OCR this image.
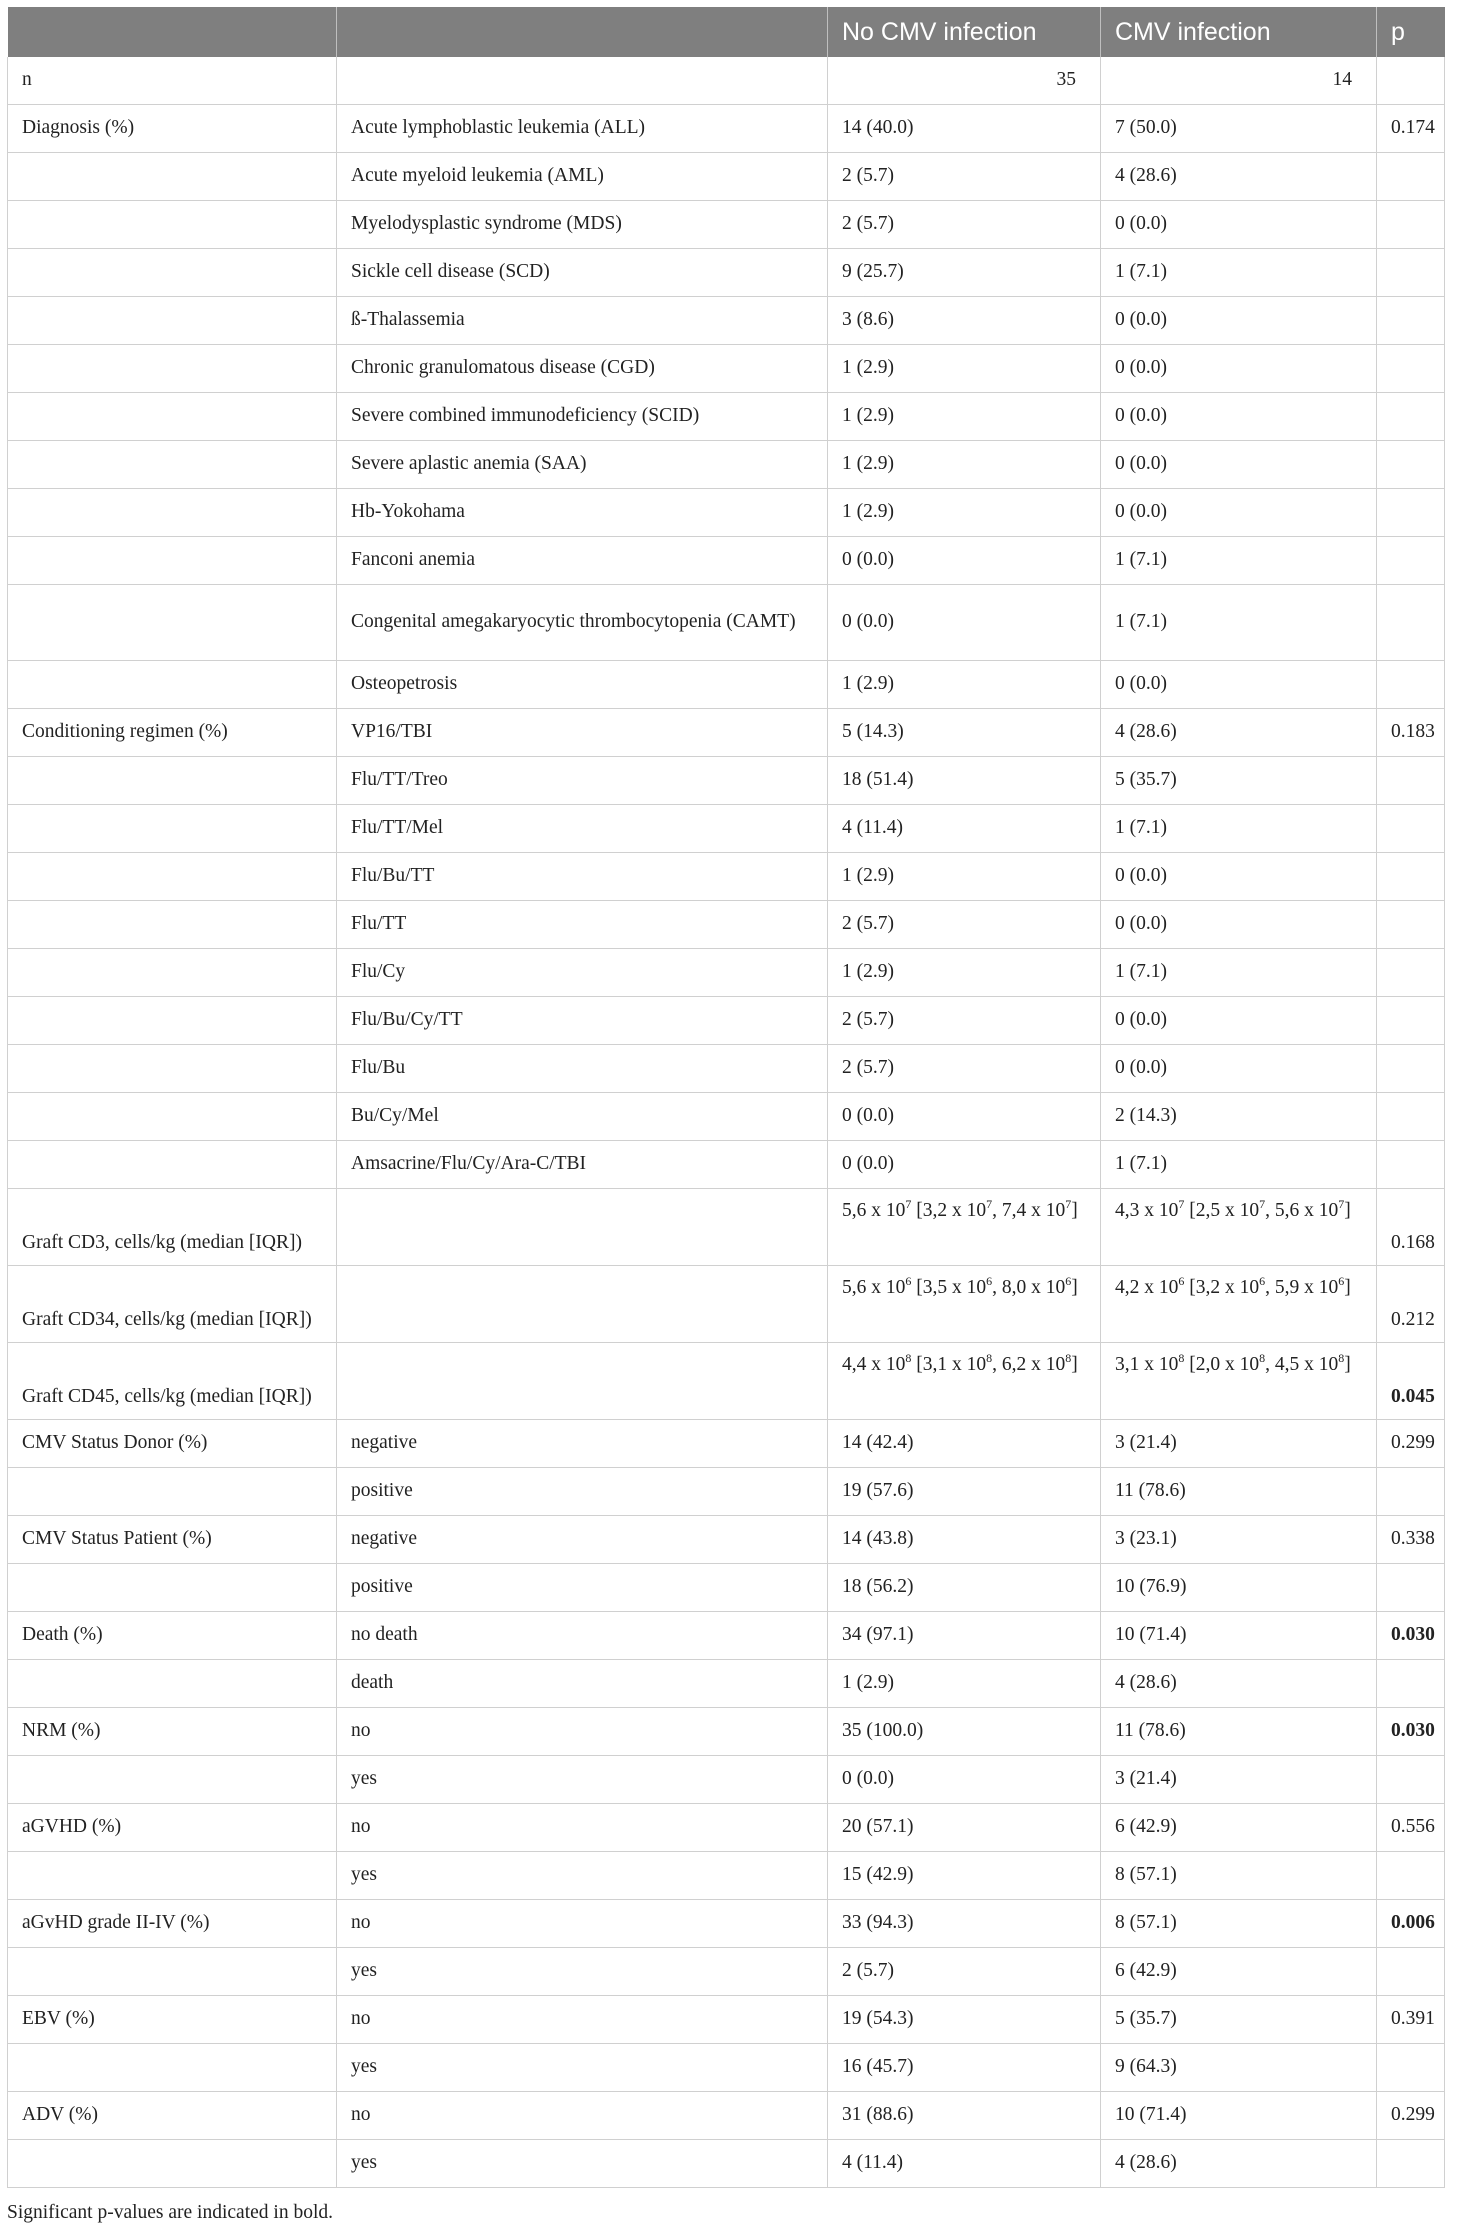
		No CMV infection	CMV infection	p
n		35	14	
Diagnosis (%)	Acute lymphoblastic leukemia (ALL)	14 (40.0)	7 (50.0)	0.174
	Acute myeloid leukemia (AML)	2 (5.7)	4 (28.6)	
	Myelodysplastic syndrome (MDS)	2 (5.7)	0 (0.0)	
	Sickle cell disease (SCD)	9 (25.7)	1 (7.1)	
	ß-Thalassemia	3 (8.6)	0 (0.0)	
	Chronic granulomatous disease (CGD)	1 (2.9)	0 (0.0)	
	Severe combined immunodeficiency (SCID)	1 (2.9)	0 (0.0)	
	Severe aplastic anemia (SAA)	1 (2.9)	0 (0.0)	
	Hb-Yokohama	1 (2.9)	0 (0.0)	
	Fanconi anemia	0 (0.0)	1 (7.1)	
	Congenital amegakaryocytic thrombocytopenia (CAMT)	0 (0.0)	1 (7.1)	
	Osteopetrosis	1 (2.9)	0 (0.0)	
Conditioning regimen (%)	VP16/TBI	5 (14.3)	4 (28.6)	0.183
	Flu/TT/Treo	18 (51.4)	5 (35.7)	
	Flu/TT/Mel	4 (11.4)	1 (7.1)	
	Flu/Bu/TT	1 (2.9)	0 (0.0)	
	Flu/TT	2 (5.7)	0 (0.0)	
	Flu/Cy	1 (2.9)	1 (7.1)	
	Flu/Bu/Cy/TT	2 (5.7)	0 (0.0)	
	Flu/Bu	2 (5.7)	0 (0.0)	
	Bu/Cy/Mel	0 (0.0)	2 (14.3)	
	Amsacrine/Flu/Cy/Ara-C/TBI	0 (0.0)	1 (7.1)	
Graft CD3, cells/kg (median [IQR])		5,6 x $10^7$ [3,2 x $10^7$, 7,4 x $10^7$]	4,3 x $10^7$ [2,5 x $10^7$, 5,6 x $10^7$]	0.168
Graft CD34, cells/kg (median [IQR])		5,6 x $10^6$ [3,5 x $10^6$, 8,0 x $10^6$]	4,2 x $10^6$ [3,2 x $10^6$, 5,9 x $10^6$]	0.212
Graft CD45, cells/kg (median [IQR])		4,4 x $10^8$ [3,1 x $10^8$, 6,2 x $10^8$]	3,1 x $10^8$ [2,0 x $10^8$, 4,5 x $10^8$]	0.045
CMV Status Donor (%)	negative	14 (42.4)	3 (21.4)	0.299
	positive	19 (57.6)	11 (78.6)	
CMV Status Patient (%)	negative	14 (43.8)	3 (23.1)	0.338
	positive	18 (56.2)	10 (76.9)	
Death (%)	no death	34 (97.1)	10 (71.4)	0.030
	death	1 (2.9)	4 (28.6)	
NRM (%)	no	35 (100.0)	11 (78.6)	0.030
	yes	0 (0.0)	3 (21.4)	
aGVHD (%)	no	20 (57.1)	6 (42.9)	0.556
	yes	15 (42.9)	8 (57.1)	
aGvHD grade II-IV (%)	no	33 (94.3)	8 (57.1)	0.006
	yes	2 (5.7)	6 (42.9)	
EBV (%)	no	19 (54.3)	5 (35.7)	0.391
	yes	16 (45.7)	9 (64.3)	
ADV (%)	no	31 (88.6)	10 (71.4)	0.299
	yes	4 (11.4)	4 (28.6)	
Significant p-values are indicated in bold.
